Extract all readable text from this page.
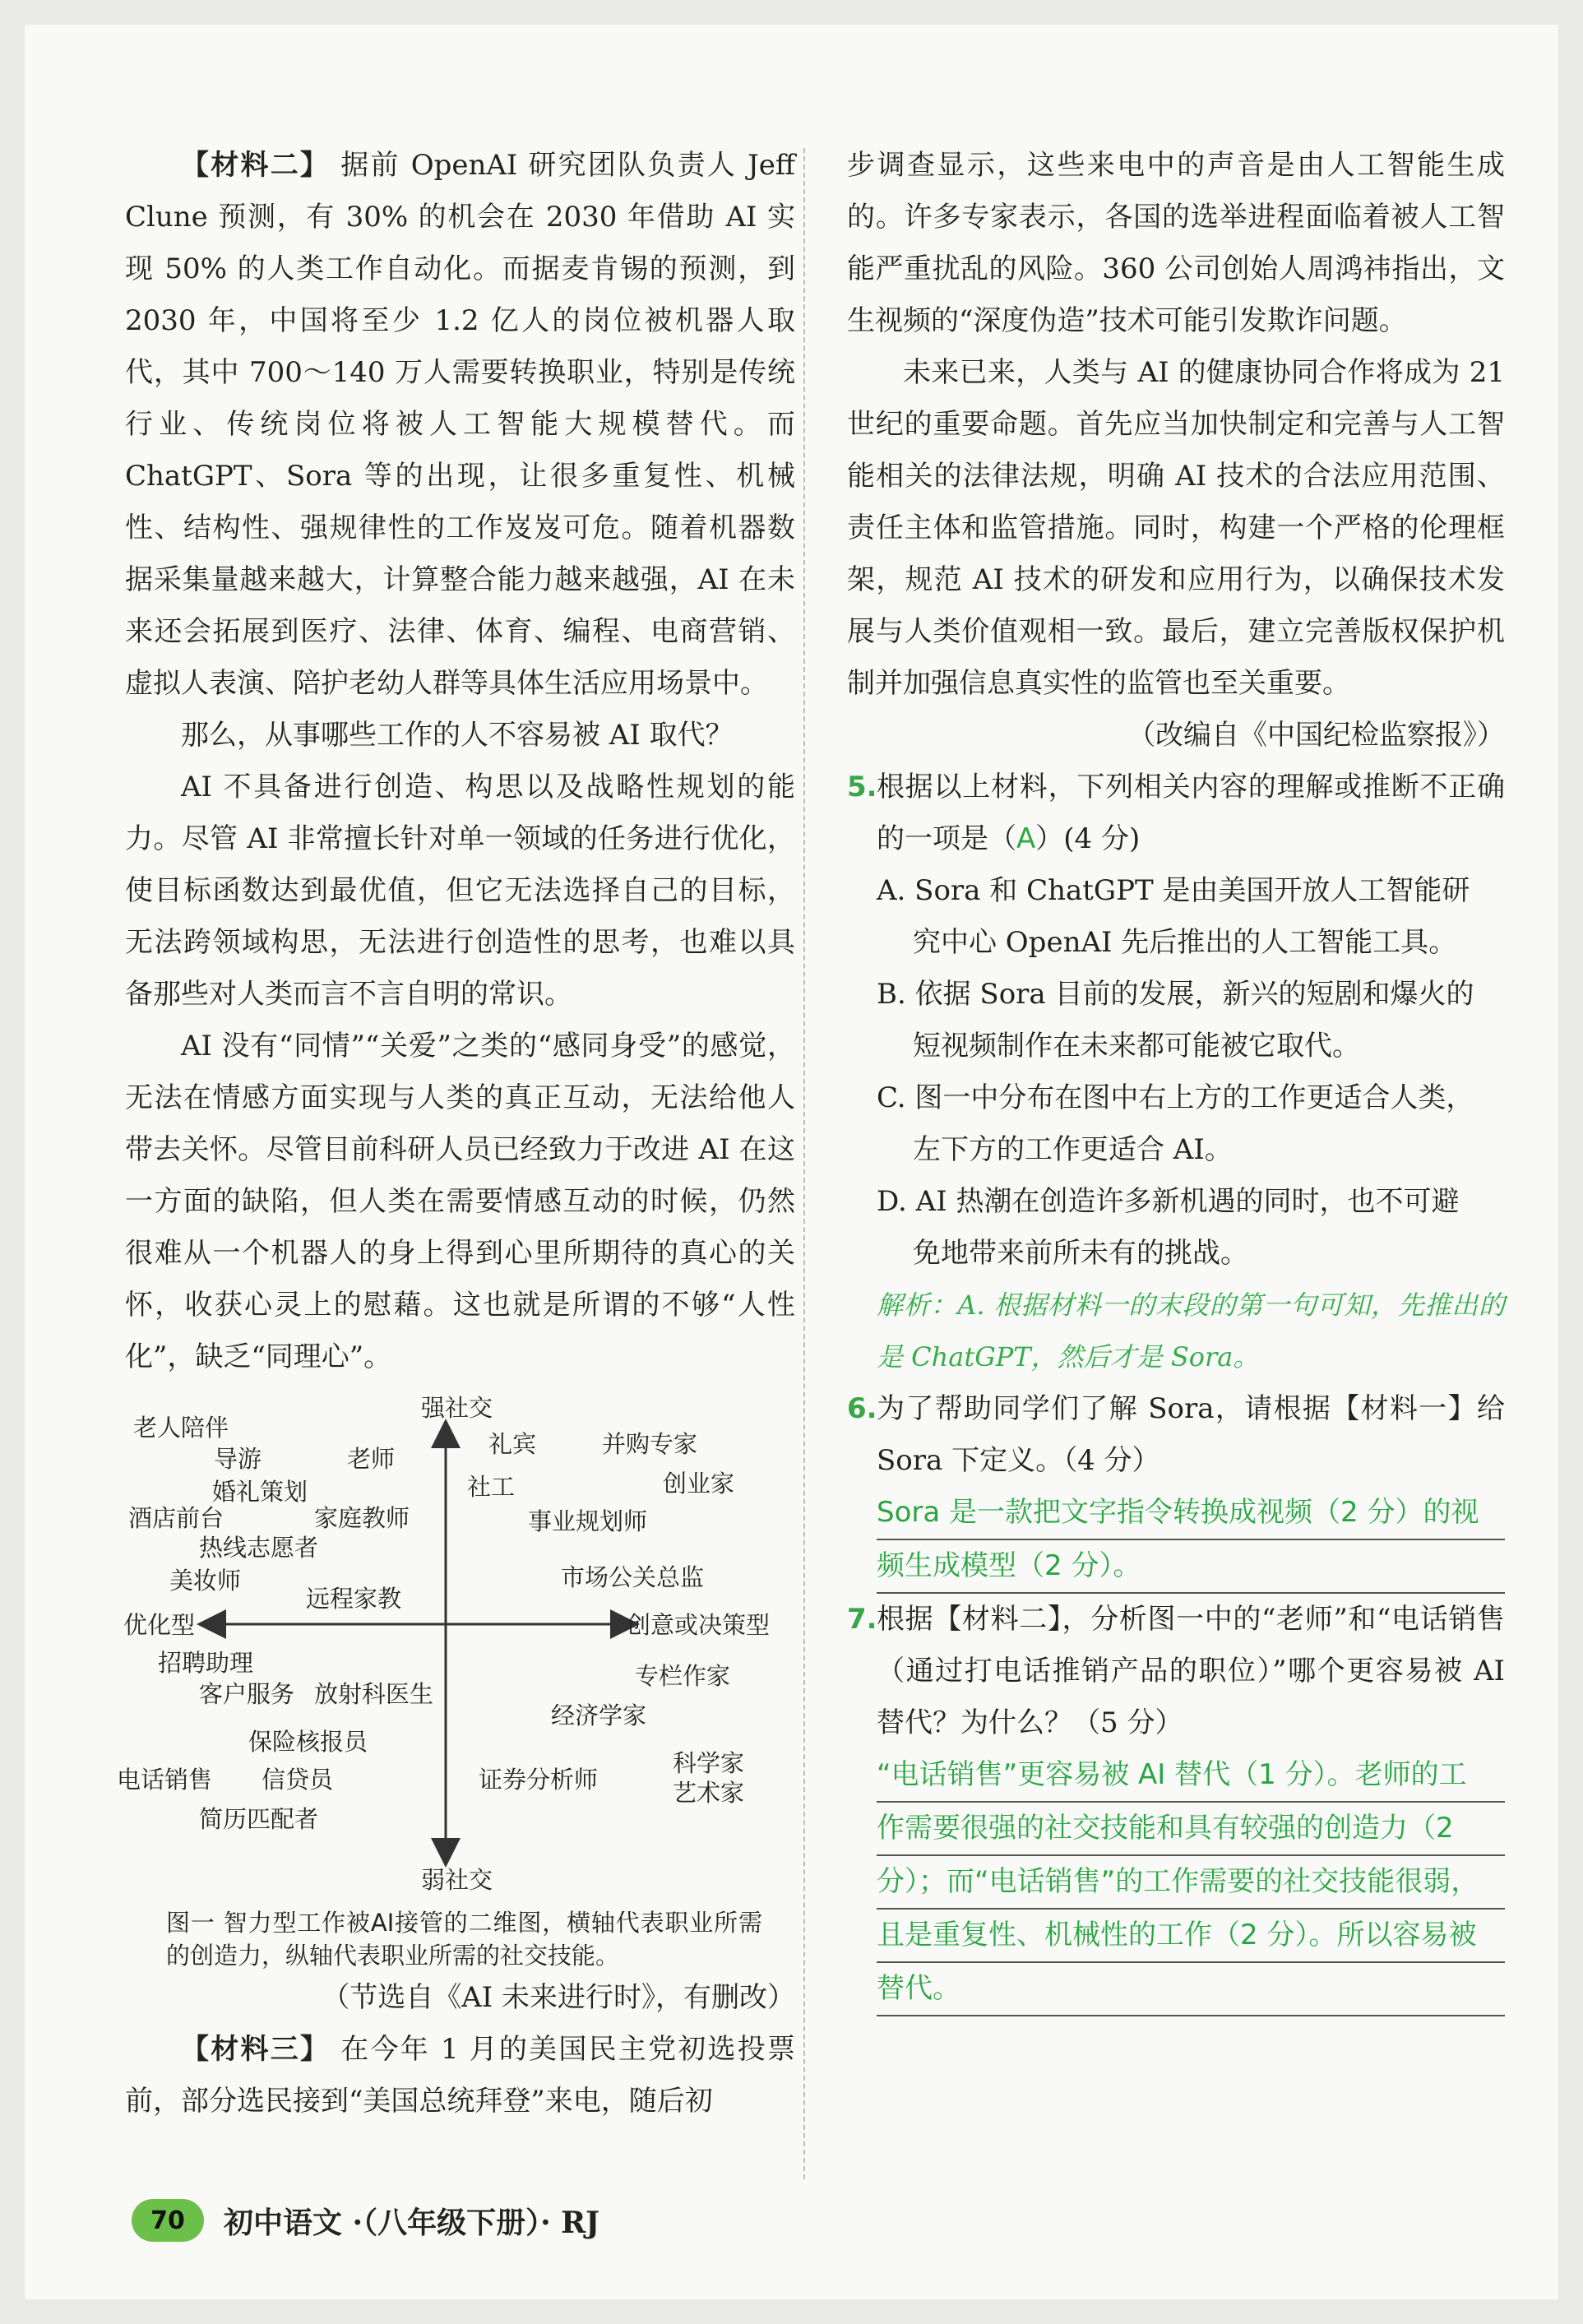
【材料二】 据前 OpenAI 研究团队负责人 Jeff Clune 预测，有 30% 的机会在 2030 年借助 AI 实现 50% 的人类工作自动化。而据麦肯锡的预测，到 2030 年，中国将至少 1.2 亿人的岗位被机器人取代，其中 700～140 万人需要转换职业，特别是传统行业、传统岗位将被人工智能大规模替代。而 ChatGPT、Sora 等的出现，让很多重复性、机械性、结构性、强规律性的工作岌岌可危。随着机器数据采集量越来越大，计算整合能力越来越强，AI 在未来还会拓展到医疗、法律、体育、编程、电商营销、虚拟人表演、陪护老幼人群等具体生活应用场景中。

那么，从事哪些工作的人不容易被 AI 取代？

AI 不具备进行创造、构思以及战略性规划的能力。尽管 AI 非常擅长针对单一领域的任务进行优化，使目标函数达到最优值，但它无法选择自己的目标，无法跨领域构思，无法进行创造性的思考，也难以具备那些对人类而言不言自明的常识。

AI 没有“同情”“关爱”之类的“感同身受”的感觉，无法在情感方面实现与人类的真正互动，无法给他人带去关怀。尽管目前科研人员已经致力于改进 AI 在这一方面的缺陷，但人类在需要情感互动的时候，仍然很难从一个机器人的身上得到心里所期待的真心的关怀，收获心灵上的慰藉。这也就是所谓的不够“人性化”，缺乏“同理心”。

强社交
弱社交
优化型	创意或决策型
老人陪伴
导游	老师
婚礼策划
酒店前台	家庭教师
热线志愿者
美妆师
远程家教
礼宾	并购专家
社工	创业家
事业规划师
市场公关总监
招聘助理
客户服务 放射科医生
保险核报员
电话销售 信贷员
简历匹配者
专栏作家
经济学家
科学家
艺术家
证券分析师
图一 智力型工作被AI接管的二维图，横轴代表职业所需的创造力，纵轴代表职业所需的社交技能。

（节选自《AI 未来进行时》，有删改）

【材料三】 在今年 1 月的美国民主党初选投票前，部分选民接到“美国总统拜登”来电，随后初

步调查显示，这些来电中的声音是由人工智能生成的。许多专家表示，各国的选举进程面临着被人工智能严重扰乱的风险。360 公司创始人周鸿祎指出，文生视频的“深度伪造”技术可能引发欺诈问题。

未来已来，人类与 AI 的健康协同合作将成为 21 世纪的重要命题。首先应当加快制定和完善与人工智能相关的法律法规，明确 AI 技术的合法应用范围、责任主体和监管措施。同时，构建一个严格的伦理框架，规范 AI 技术的研发和应用行为，以确保技术发展与人类价值观相一致。最后，建立完善版权保护机制并加强信息真实性的监管也至关重要。

（改编自《中国纪检监察报》）

5. 根据以上材料，下列相关内容的理解或推断不正确的一项是（A）(4 分)
A. Sora 和 ChatGPT 是由美国开放人工智能研
究中心 OpenAI 先后推出的人工智能工具。
B. 依据 Sora 目前的发展，新兴的短剧和爆火的
短视频制作在未来都可能被它取代。
C. 图一中分布在图中右上方的工作更适合人类，
左下方的工作更适合 AI。
D. AI 热潮在创造许多新机遇的同时，也不可避
免地带来前所未有的挑战。
解析：A. 根据材料一的末段的第一句可知，先推出的是 ChatGPT，然后才是 Sora。
6. 为了帮助同学们了解 Sora，请根据【材料一】给 Sora 下定义。（4 分）
Sora 是一款把文字指令转换成视频（2 分）的视
频生成模型（2 分）。
7. 根据【材料二】，分析图一中的“老师”和“电话销售（通过打电话推销产品的职位）”哪个更容易被 AI 替代？为什么？（5 分）
“电话销售”更容易被 AI 替代（1 分）。老师的工
作需要很强的社交技能和具有较强的创造力（2
分）；而“电话销售”的工作需要的社交技能很弱，
且是重复性、机械性的工作（2 分）。所以容易被
替代。
70	初中语文 ·（八年级下册）· RJ
